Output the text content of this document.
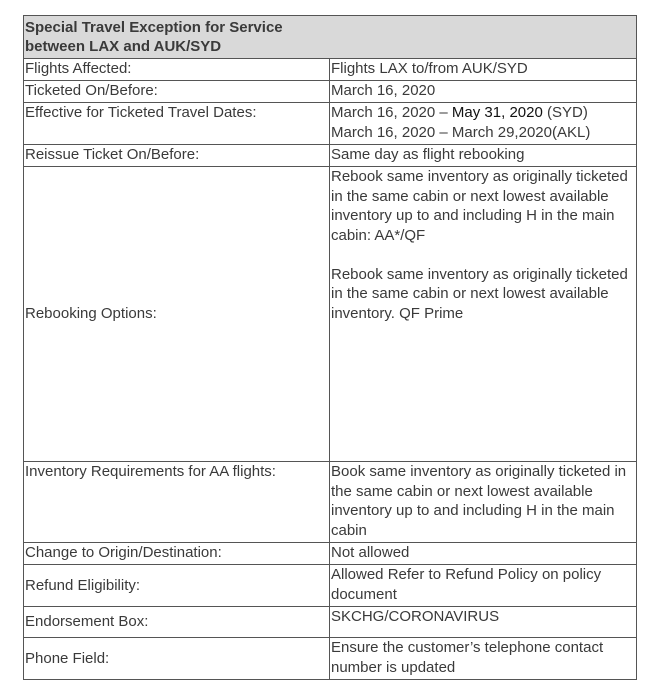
Special Travel Exception for Service between LAX and AUK/SYD	

Flights Affected:	Flights LAX to/from AUK/SYD
Ticketed On/Before:	March 16, 2020
Effective for Ticketed Travel Dates:	March 16, 2020 – May 31, 2020 (SYD)
March 16, 2020 – March 29,2020(AKL)

Reissue Ticket On/Before:	Same day as flight rebooking
Rebooking Options:	Rebook same inventory as originally ticketed in the same cabin or next lowest available inventory up to and including H in the main cabin: AA*/QF
Rebook same inventory as originally ticketed in the same cabin or next lowest available inventory. QF Prime

Inventory Requirements for AA flights:	Book same inventory as originally ticketed in the same cabin or next lowest available inventory up to and including H in the main cabin
Change to Origin/Destination:	Not allowed
Refund Eligibility:	Allowed Refer to Refund Policy on policy document
Endorsement Box:	SKCHG/CORONAVIRUS
Phone Field:	Ensure the customer’s telephone contact number is updated
